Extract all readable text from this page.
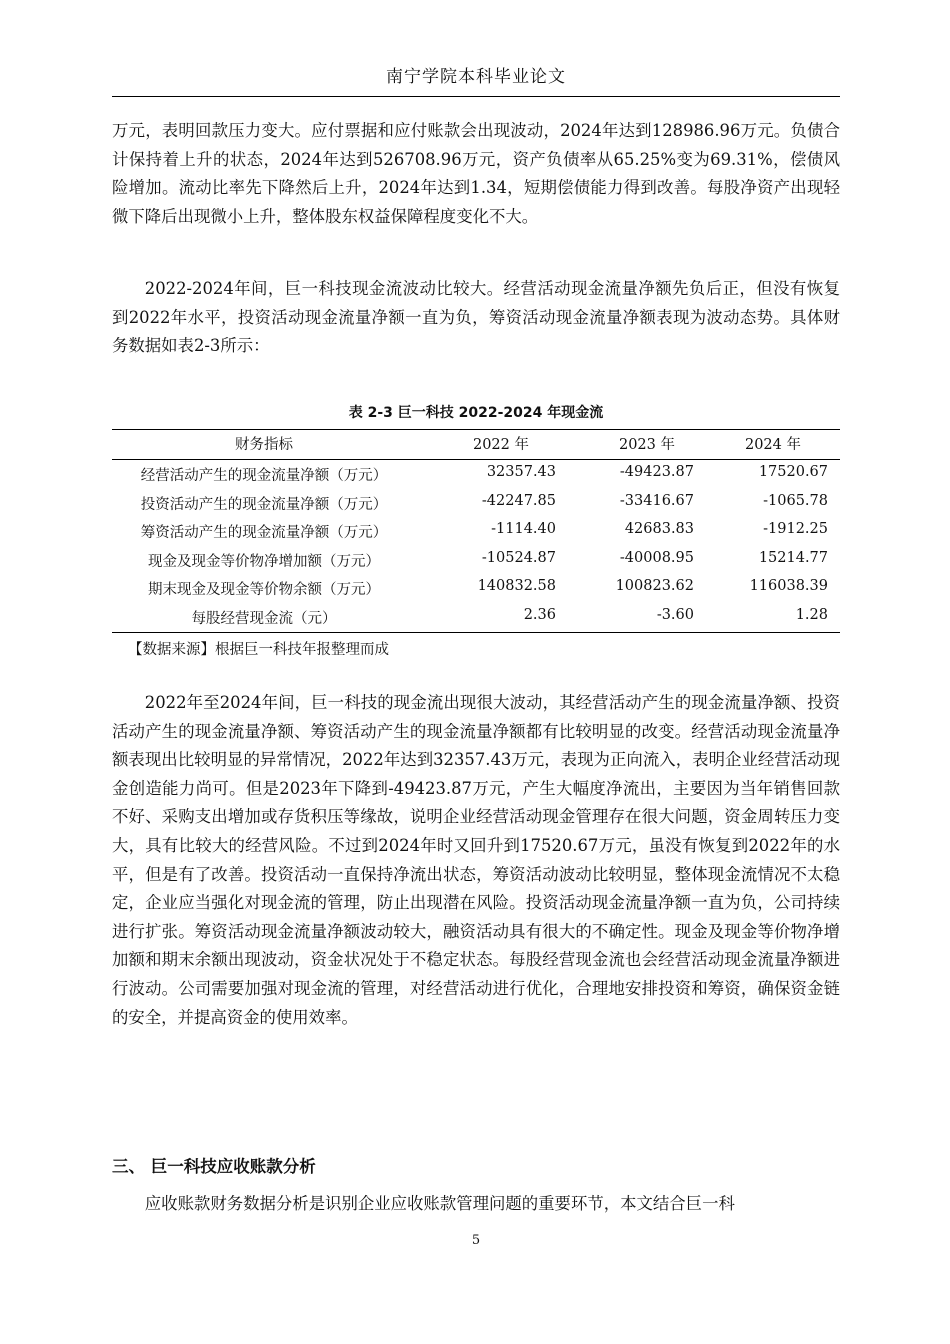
南宁学院本科毕业论文

万元，表明回款压力变大。应付票据和应付账款会出现波动，2024年达到128986.96万元。负债合计保持着上升的状态，2024年达到526708.96万元，资产负债率从65.25%变为69.31%，偿债风险增加。流动比率先下降然后上升，2024年达到1.34，短期偿债能力得到改善。每股净资产出现轻微下降后出现微小上升，整体股东权益保障程度变化不大。

2022-2024年间，巨一科技现金流波动比较大。经营活动现金流量净额先负后正，但没有恢复到2022年水平，投资活动现金流量净额一直为负，筹资活动现金流量净额表现为波动态势。具体财务数据如表2-3所示：

表 2-3 巨一科技 2022-2024 年现金流
财务指标	2022 年	2023 年	2024 年
经营活动产生的现金流量净额（万元）	32357.43	-49423.87	17520.67
投资活动产生的现金流量净额（万元）	-42247.85	-33416.67	-1065.78
筹资活动产生的现金流量净额（万元）	-1114.40	42683.83	-1912.25
现金及现金等价物净增加额（万元）	-10524.87	-40008.95	15214.77
期末现金及现金等价物余额（万元）	140832.58	100823.62	116038.39
每股经营现金流（元）	2.36	-3.60	1.28
【数据来源】根据巨一科技年报整理而成

2022年至2024年间，巨一科技的现金流出现很大波动，其经营活动产生的现金流量净额、投资活动产生的现金流量净额、筹资活动产生的现金流量净额都有比较明显的改变。经营活动现金流量净额表现出比较明显的异常情况，2022年达到32357.43万元，表现为正向流入，表明企业经营活动现金创造能力尚可。但是2023年下降到-49423.87万元，产生大幅度净流出，主要因为当年销售回款不好、采购支出增加或存货积压等缘故，说明企业经营活动现金管理存在很大问题，资金周转压力变大，具有比较大的经营风险。不过到2024年时又回升到17520.67万元，虽没有恢复到2022年的水平，但是有了改善。投资活动一直保持净流出状态，筹资活动波动比较明显，整体现金流情况不太稳定，企业应当强化对现金流的管理，防止出现潜在风险。投资活动现金流量净额一直为负，公司持续进行扩张。筹资活动现金流量净额波动较大，融资活动具有很大的不确定性。现金及现金等价物净增加额和期末余额出现波动，资金状况处于不稳定状态。每股经营现金流也会经营活动现金流量净额进行波动。公司需要加强对现金流的管理，对经营活动进行优化，合理地安排投资和筹资，确保资金链的安全，并提高资金的使用效率。

三、 巨一科技应收账款分析

应收账款财务数据分析是识别企业应收账款管理问题的重要环节，本文结合巨一科

5
